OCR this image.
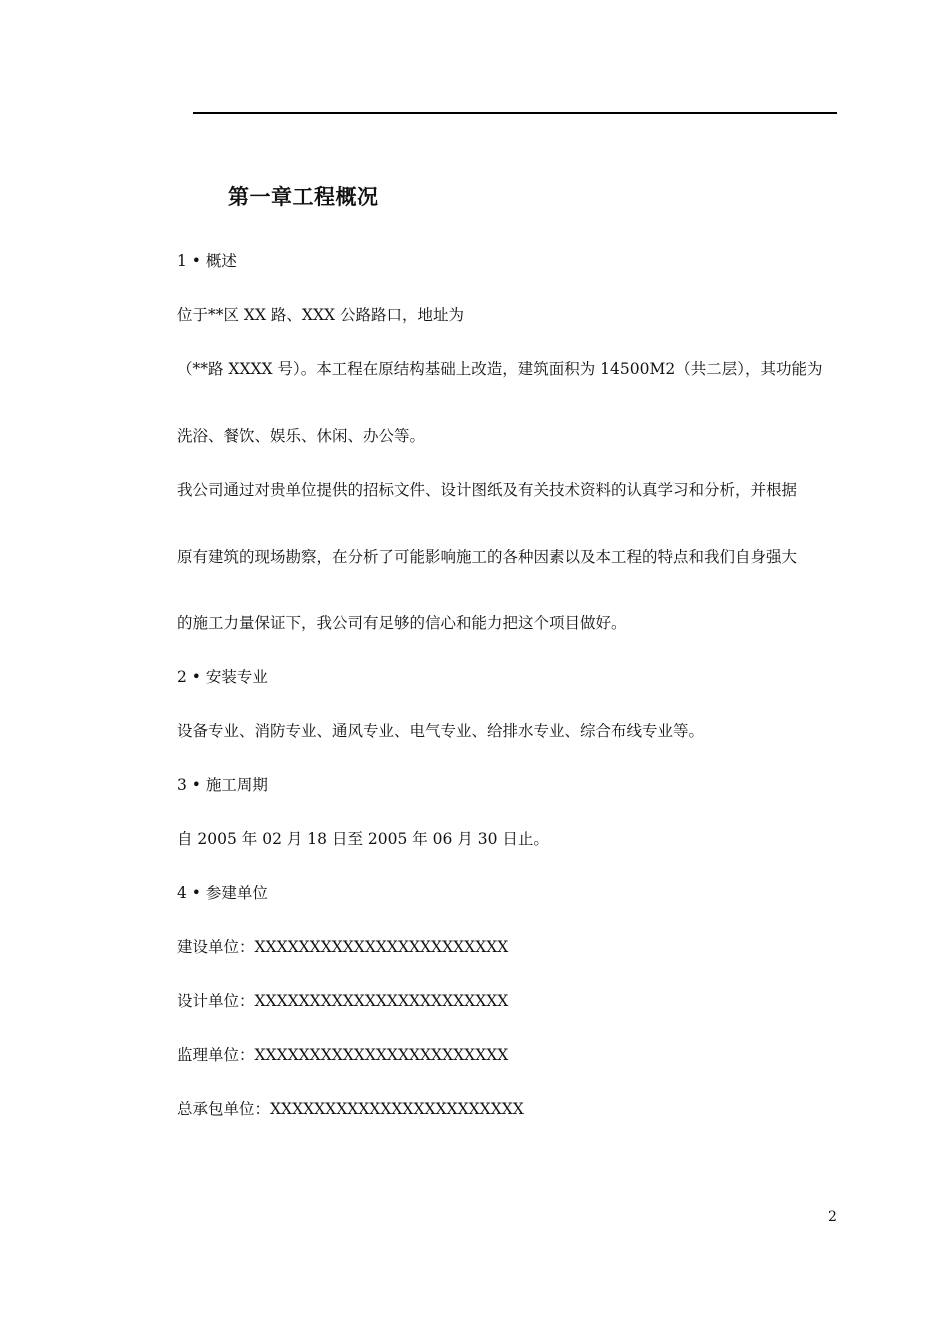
第一章工程概况
1 • 概述
位于**区 XX 路、XXX 公路路口，地址为
（**路 XXXX 号）。本工程在原结构基础上改造，建筑面积为 14500M2（共二层），其功能为
洗浴、餐饮、娱乐、休闲、办公等。
我公司通过对贵单位提供的招标文件、设计图纸及有关技术资料的认真学习和分析，并根据
原有建筑的现场勘察，在分析了可能影响施工的各种因素以及本工程的特点和我们自身强大
的施工力量保证下，我公司有足够的信心和能力把这个项目做好。
2 • 安装专业
设备专业、消防专业、通风专业、电气专业、给排水专业、综合布线专业等。
3 • 施工周期
自 2005 年 02 月 18 日至 2005 年 06 月 30 日止。
4 • 参建单位
建设单位：XXXXXXXXXXXXXXXXXXXXXXX
设计单位：XXXXXXXXXXXXXXXXXXXXXXX
监理单位：XXXXXXXXXXXXXXXXXXXXXXX
总承包单位：XXXXXXXXXXXXXXXXXXXXXXX
2
